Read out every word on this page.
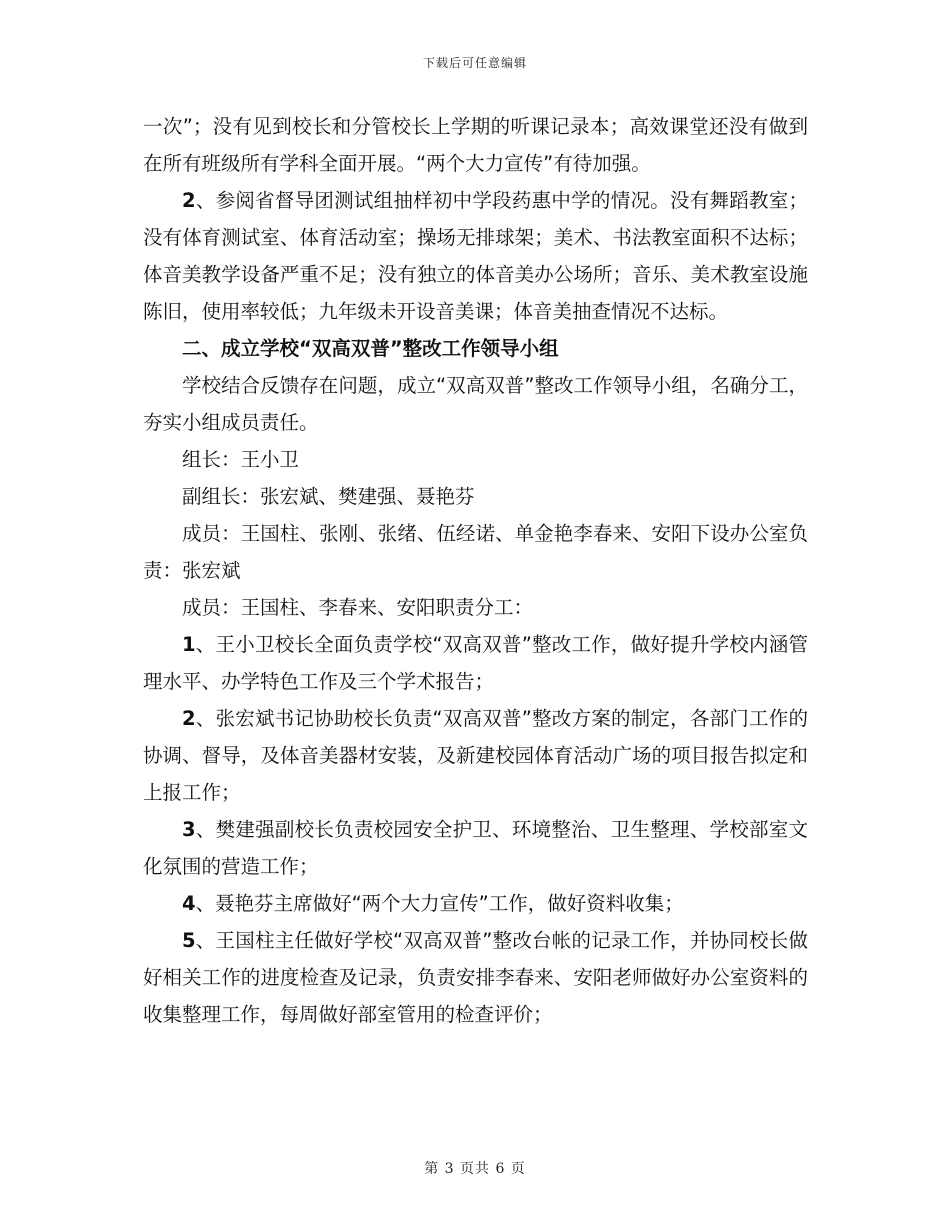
下载后可任意编辑

一次”；没有见到校长和分管校长上学期的听课记录本；高效课堂还没有做到在所有班级所有学科全面开展。“两个大力宣传”有待加强。

2、参阅省督导团测试组抽样初中学段药惠中学的情况。没有舞蹈教室；没有体育测试室、体育活动室；操场无排球架；美术、书法教室面积不达标；体音美教学设备严重不足；没有独立的体音美办公场所；音乐、美术教室设施陈旧，使用率较低；九年级未开设音美课；体音美抽查情况不达标。

二、成立学校“双高双普”整改工作领导小组

学校结合反馈存在问题，成立“双高双普”整改工作领导小组，名确分工，夯实小组成员责任。

组长：王小卫

副组长：张宏斌、樊建强、聂艳芬

成员：王国柱、张刚、张绪、伍经诺、单金艳李春来、安阳下设办公室负责：张宏斌

成员：王国柱、李春来、安阳职责分工：

1、王小卫校长全面负责学校“双高双普”整改工作，做好提升学校内涵管理水平、办学特色工作及三个学术报告；

2、张宏斌书记协助校长负责“双高双普”整改方案的制定，各部门工作的协调、督导，及体音美器材安装，及新建校园体育活动广场的项目报告拟定和上报工作；

3、樊建强副校长负责校园安全护卫、环境整治、卫生整理、学校部室文化氛围的营造工作；

4、聂艳芬主席做好“两个大力宣传”工作，做好资料收集；

5、王国柱主任做好学校“双高双普”整改台帐的记录工作，并协同校长做好相关工作的进度检查及记录，负责安排李春来、安阳老师做好办公室资料的收集整理工作，每周做好部室管用的检查评价；

第 3 页共 6 页
